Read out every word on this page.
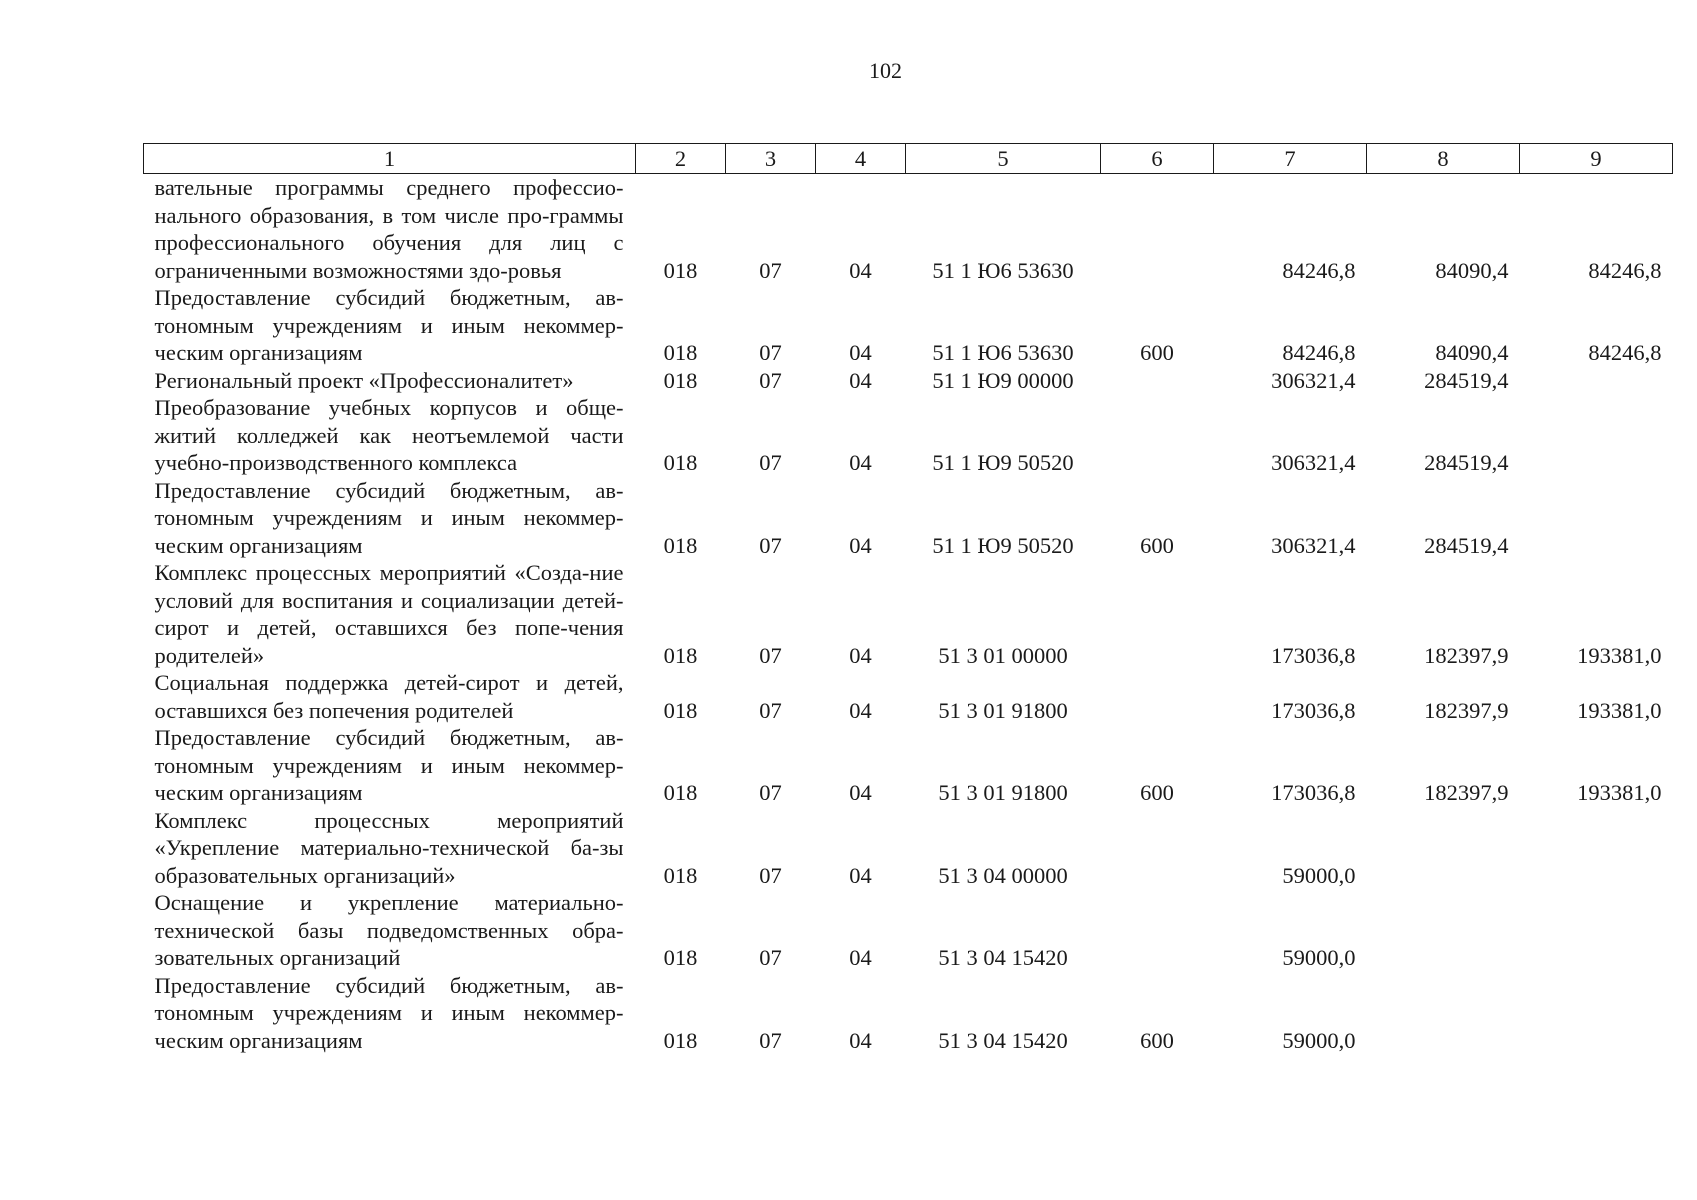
102
1	2	3	4	5	6	7	8	9
вательные программы среднего профессио-нального образования, в том числе про-граммы профессионального обучения для лиц с ограниченными возможностями здо-ровья	018	07	04	51 1 Ю6 53630		84246,8	84090,4	84246,8
Предоставление субсидий бюджетным, ав-тономным учреждениям и иным некоммер-ческим организациям	018	07	04	51 1 Ю6 53630	600	84246,8	84090,4	84246,8
Региональный проект «Профессионалитет»	018	07	04	51 1 Ю9 00000		306321,4	284519,4	
Преобразование учебных корпусов и обще-житий колледжей как неотъемлемой части учебно-производственного комплекса	018	07	04	51 1 Ю9 50520		306321,4	284519,4	
Предоставление субсидий бюджетным, ав-тономным учреждениям и иным некоммер-ческим организациям	018	07	04	51 1 Ю9 50520	600	306321,4	284519,4	
Комплекс процессных мероприятий «Созда-ние условий для воспитания и социализации детей-сирот и детей, оставшихся без попе-чения родителей»	018	07	04	51 3 01 00000		173036,8	182397,9	193381,0
Социальная поддержка детей-сирот и детей, оставшихся без попечения родителей	018	07	04	51 3 01 91800		173036,8	182397,9	193381,0
Предоставление субсидий бюджетным, ав-тономным учреждениям и иным некоммер-ческим организациям	018	07	04	51 3 01 91800	600	173036,8	182397,9	193381,0
Комплекс процессных мероприятий «Укрепление материально-технической ба-зы образовательных организаций»	018	07	04	51 3 04 00000		59000,0		
Оснащение и укрепление материально-технической базы подведомственных обра-зовательных организаций	018	07	04	51 3 04 15420		59000,0		
Предоставление субсидий бюджетным, ав-тономным учреждениям и иным некоммер-ческим организациям	018	07	04	51 3 04 15420	600	59000,0		
